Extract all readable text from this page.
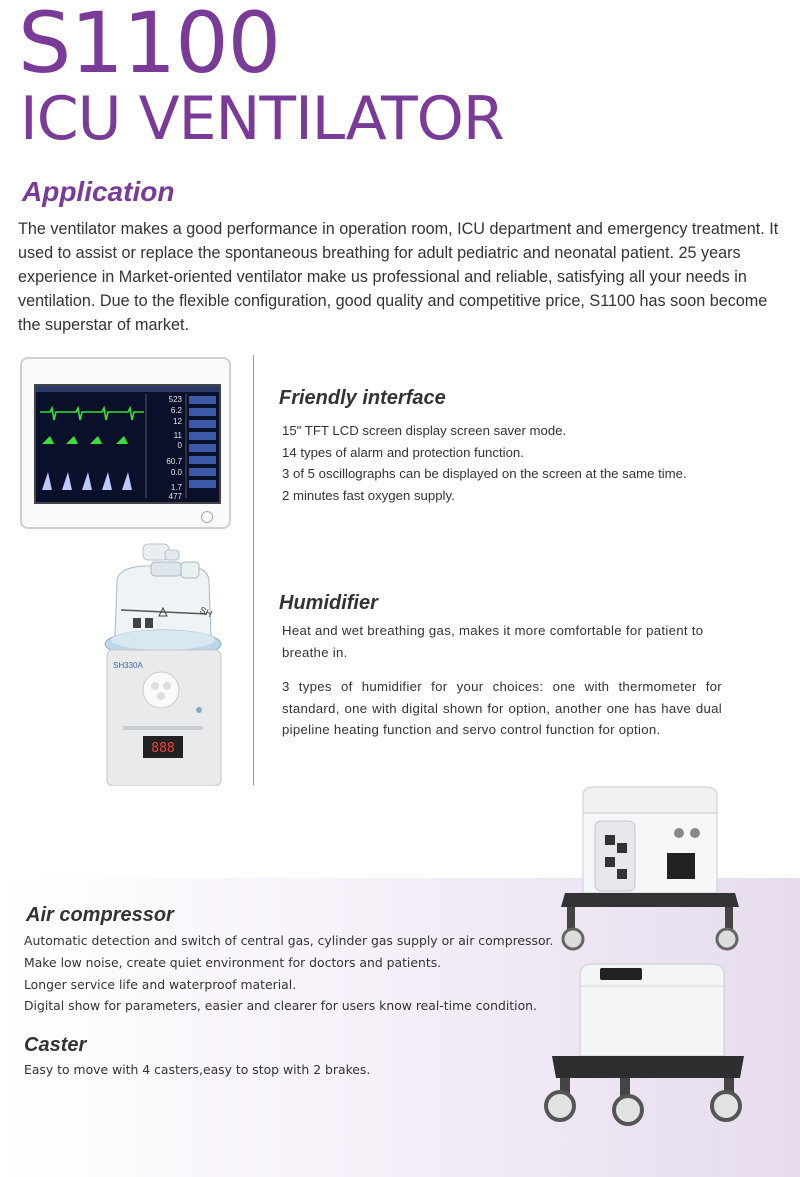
S1100
ICU VENTILATOR
Application

The ventilator makes a good performance in operation room, ICU department and emergency treatment. It used to assist or replace the spontaneous breathing for adult pediatric and neonatal patient. 25 years experience in Market-oriented ventilator make us professional and reliable, satisfying all your needs in ventilation. Due to the flexible configuration, good quality and competitive price, S1100 has soon become the superstar of market.

523
6.2
12
11
0
60.7
0.0
1.7
477
Friendly interface
15" TFT LCD screen display screen saver mode.
14 types of alarm and protection function.
3 of 5 oscillographs can be displayed on the screen at the same time.
2 minutes fast oxygen supply.
SH
SH330A
888
Humidifier

Heat and wet breathing gas, makes it more comfortable for patient to breathe in.

3 types of humidifier for your choices: one with thermometer for standard, one with digital shown for option, another one has have dual pipeline heating function and servo control function for option.

Air compressor
Automatic detection and switch of central gas, cylinder gas supply or air compressor.
Make low noise, create quiet environment for doctors and patients.
Longer service life and waterproof material.
Digital show for parameters, easier and clearer for users know real-time condition.
Caster
Easy to move with 4 casters,easy to stop with 2 brakes.
